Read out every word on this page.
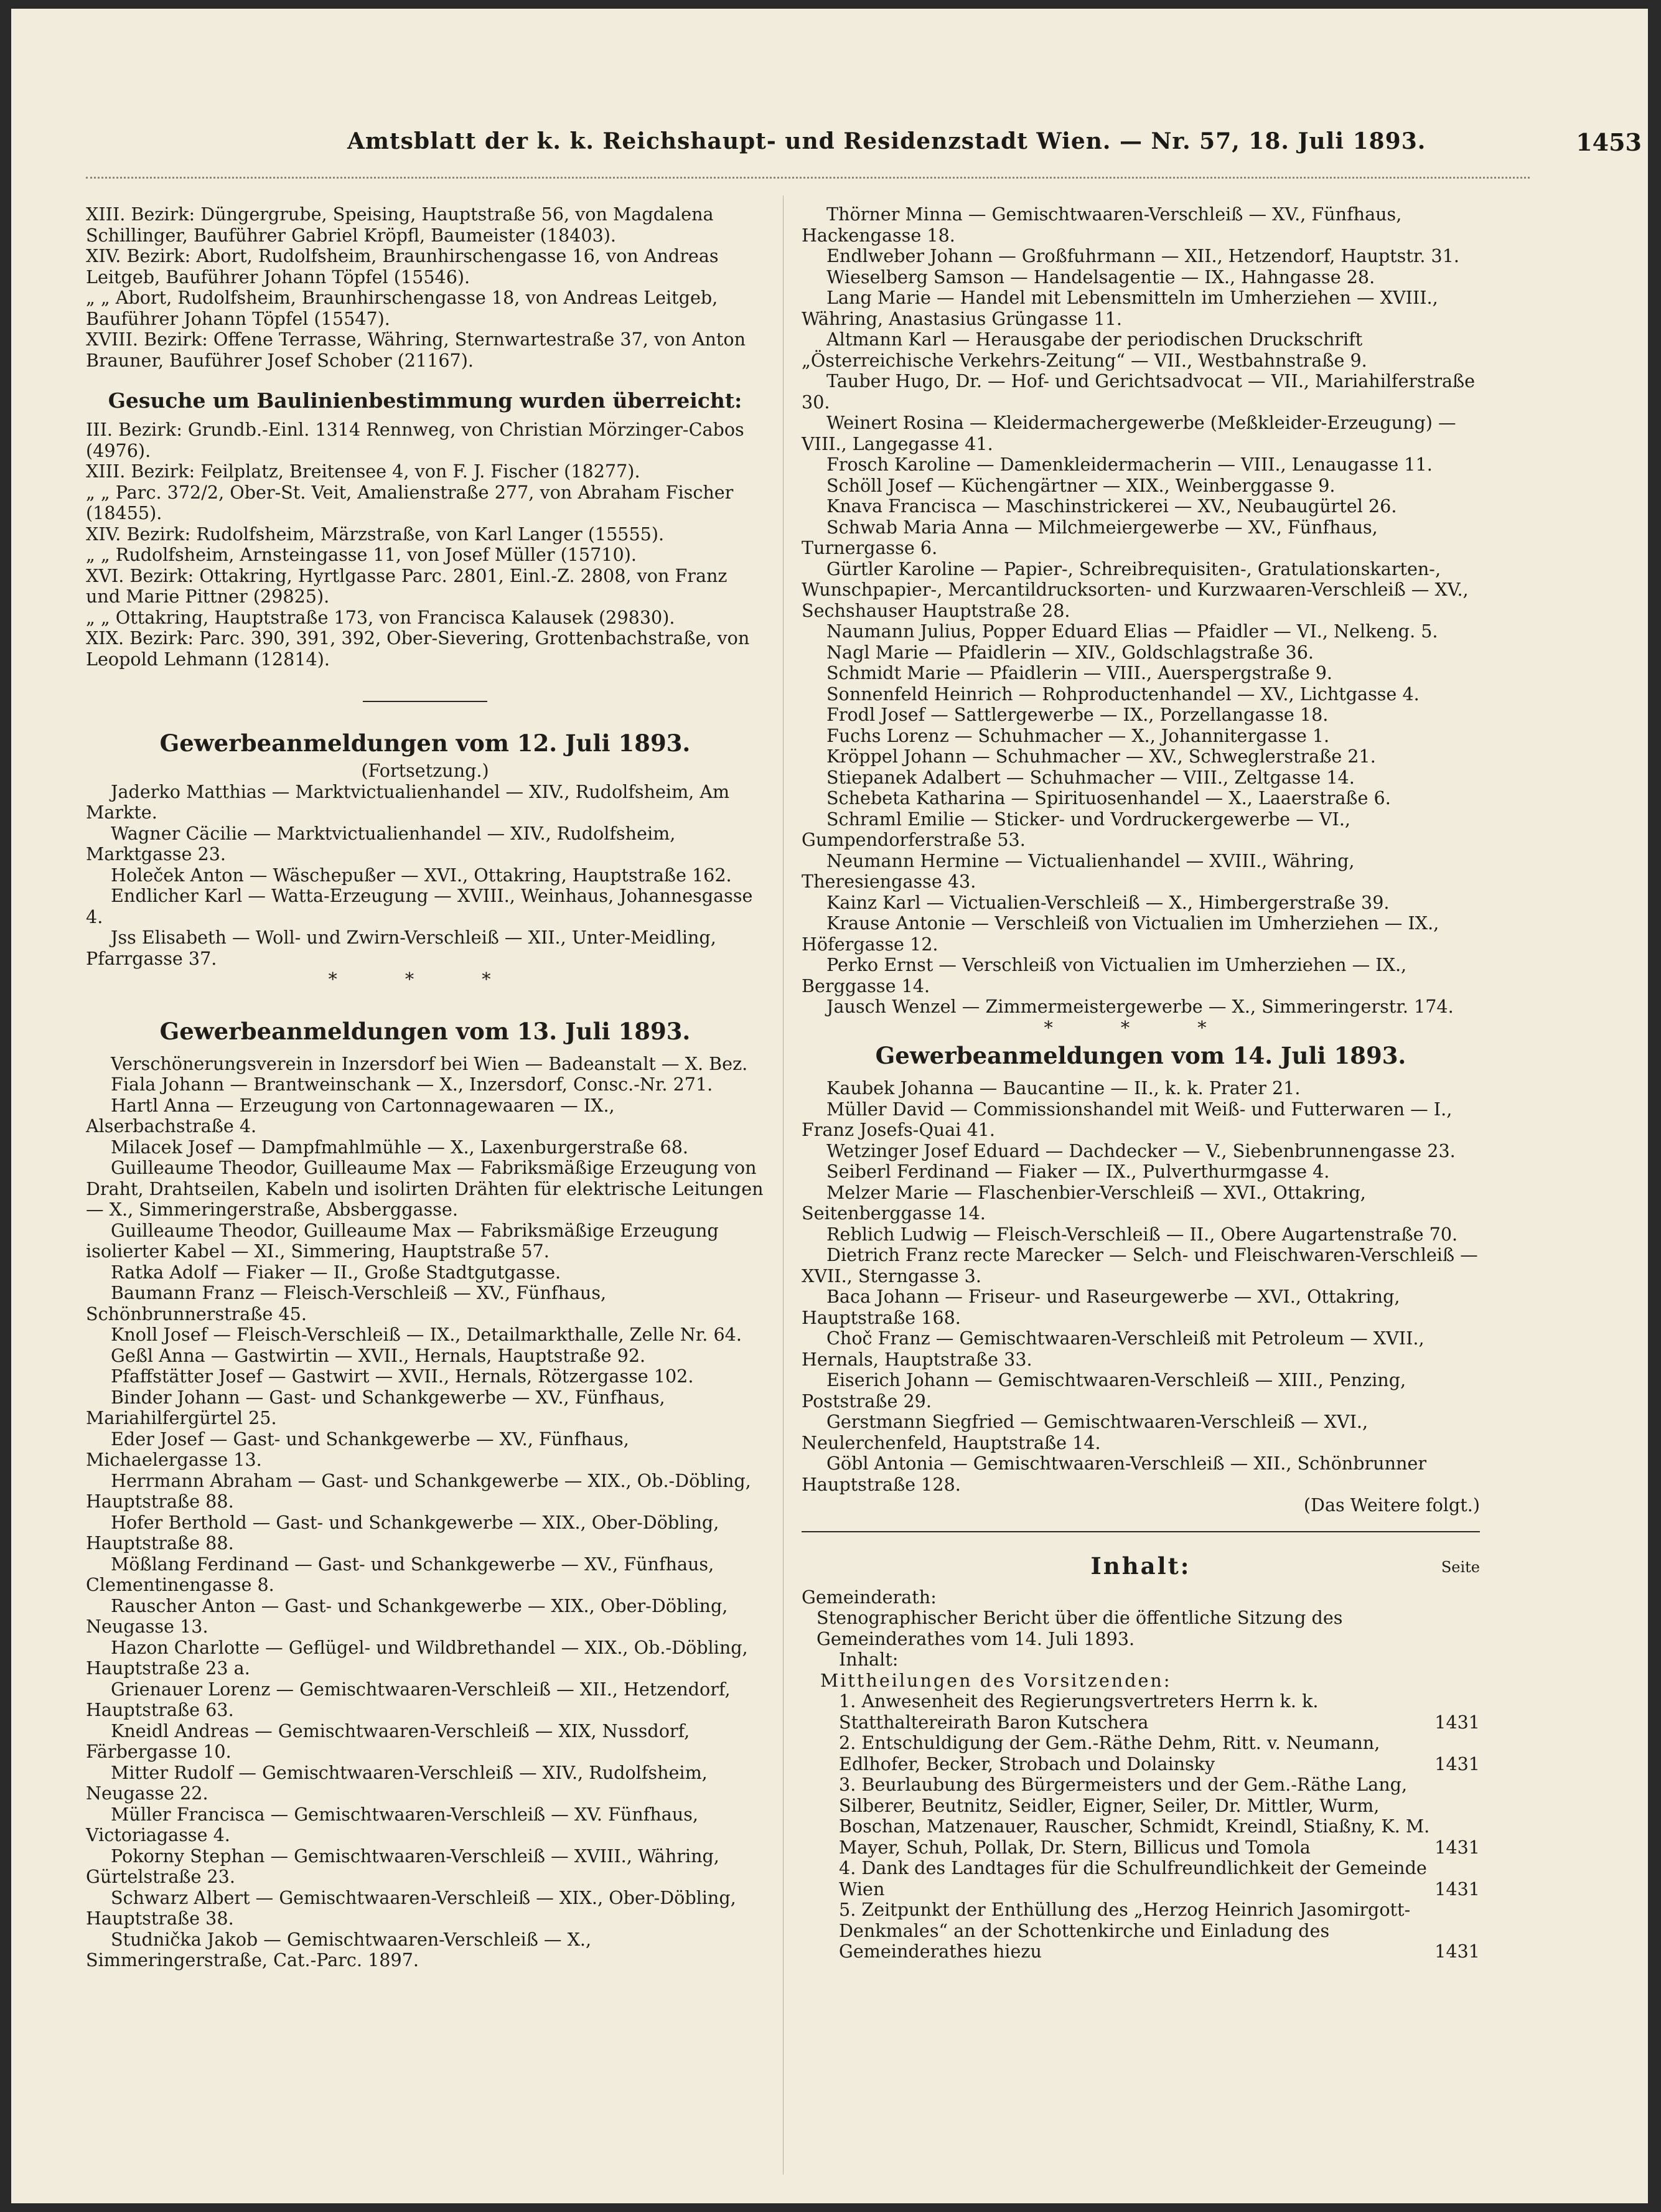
Amtsblatt der k. k. Reichshaupt- und Residenzstadt Wien. — Nr. 57, 18. Juli 1893.	1453

XIII. Bezirk: Düngergrube, Speising, Hauptstraße 56, von Magdalena Schillinger, Bauführer Gabriel Kröpfl, Baumeister (18403).

XIV. Bezirk: Abort, Rudolfsheim, Braunhirschengasse 16, von Andreas Leitgeb, Bauführer Johann Töpfel (15546).

„ „ Abort, Rudolfsheim, Braunhirschengasse 18, von Andreas Leitgeb, Bauführer Johann Töpfel (15547).

XVIII. Bezirk: Offene Terrasse, Währing, Sternwartestraße 37, von Anton Brauner, Bauführer Josef Schober (21167).

Gesuche um Baulinienbestimmung wurden überreicht:

III. Bezirk: Grundb.-Einl. 1314 Rennweg, von Christian Mörzinger-Cabos (4976).

XIII. Bezirk: Feilplatz, Breitensee 4, von F. J. Fischer (18277).

„ „ Parc. 372/2, Ober-St. Veit, Amalienstraße 277, von Abraham Fischer (18455).

XIV. Bezirk: Rudolfsheim, Märzstraße, von Karl Langer (15555).

„ „ Rudolfsheim, Arnsteingasse 11, von Josef Müller (15710).

XVI. Bezirk: Ottakring, Hyrtlgasse Parc. 2801, Einl.-Z. 2808, von Franz und Marie Pittner (29825).

„ „ Ottakring, Hauptstraße 173, von Francisca Kalausek (29830).

XIX. Bezirk: Parc. 390, 391, 392, Ober-Sievering, Grottenbachstraße, von Leopold Lehmann (12814).

Gewerbeanmeldungen vom 12. Juli 1893.

(Fortsetzung.)

Jaderko Matthias — Marktvictualienhandel — XIV., Rudolfsheim, Am Markte.

Wagner Cäcilie — Marktvictualienhandel — XIV., Rudolfsheim, Marktgasse 23.

Holeček Anton — Wäschepußer — XVI., Ottakring, Hauptstraße 162.

Endlicher Karl — Watta-Erzeugung — XVIII., Weinhaus, Johannesgasse 4.

Jss Elisabeth — Woll- und Zwirn-Verschleiß — XII., Unter-Meidling, Pfarrgasse 37.

* * *

Gewerbeanmeldungen vom 13. Juli 1893.

Verschönerungsverein in Inzersdorf bei Wien — Badeanstalt — X. Bez.

Fiala Johann — Brantweinschank — X., Inzersdorf, Consc.-Nr. 271.

Hartl Anna — Erzeugung von Cartonnagewaaren — IX., Alserbachstraße 4.

Milacek Josef — Dampfmahlmühle — X., Laxenburgerstraße 68.

Guilleaume Theodor, Guilleaume Max — Fabriksmäßige Erzeugung von Draht, Drahtseilen, Kabeln und isolirten Drähten für elektrische Leitungen — X., Simmeringerstraße, Absberggasse.

Guilleaume Theodor, Guilleaume Max — Fabriksmäßige Erzeugung isolierter Kabel — XI., Simmering, Hauptstraße 57.

Ratka Adolf — Fiaker — II., Große Stadtgutgasse.

Baumann Franz — Fleisch-Verschleiß — XV., Fünfhaus, Schönbrunnerstraße 45.

Knoll Josef — Fleisch-Verschleiß — IX., Detailmarkthalle, Zelle Nr. 64.

Geßl Anna — Gastwirtin — XVII., Hernals, Hauptstraße 92.

Pfaffstätter Josef — Gastwirt — XVII., Hernals, Rötzergasse 102.

Binder Johann — Gast- und Schankgewerbe — XV., Fünfhaus, Mariahilfergürtel 25.

Eder Josef — Gast- und Schankgewerbe — XV., Fünfhaus, Michaelergasse 13.

Herrmann Abraham — Gast- und Schankgewerbe — XIX., Ob.-Döbling, Hauptstraße 88.

Hofer Berthold — Gast- und Schankgewerbe — XIX., Ober-Döbling, Hauptstraße 88.

Mößlang Ferdinand — Gast- und Schankgewerbe — XV., Fünfhaus, Clementinengasse 8.

Rauscher Anton — Gast- und Schankgewerbe — XIX., Ober-Döbling, Neugasse 13.

Hazon Charlotte — Geflügel- und Wildbrethandel — XIX., Ob.-Döbling, Hauptstraße 23 a.

Grienauer Lorenz — Gemischtwaaren-Verschleiß — XII., Hetzendorf, Hauptstraße 63.

Kneidl Andreas — Gemischtwaaren-Verschleiß — XIX, Nussdorf, Färbergasse 10.

Mitter Rudolf — Gemischtwaaren-Verschleiß — XIV., Rudolfsheim, Neugasse 22.

Müller Francisca — Gemischtwaaren-Verschleiß — XV. Fünfhaus, Victoriagasse 4.

Pokorny Stephan — Gemischtwaaren-Verschleiß — XVIII., Währing, Gürtelstraße 23.

Schwarz Albert — Gemischtwaaren-Verschleiß — XIX., Ober-Döbling, Hauptstraße 38.

Studnička Jakob — Gemischtwaaren-Verschleiß — X., Simmeringerstraße, Cat.-Parc. 1897.

Thörner Minna — Gemischtwaaren-Verschleiß — XV., Fünfhaus, Hackengasse 18.

Endlweber Johann — Großfuhrmann — XII., Hetzendorf, Hauptstr. 31.

Wieselberg Samson — Handelsagentie — IX., Hahngasse 28.

Lang Marie — Handel mit Lebensmitteln im Umherziehen — XVIII., Währing, Anastasius Grüngasse 11.

Altmann Karl — Herausgabe der periodischen Druckschrift „Österreichische Verkehrs-Zeitung“ — VII., Westbahnstraße 9.

Tauber Hugo, Dr. — Hof- und Gerichtsadvocat — VII., Mariahilferstraße 30.

Weinert Rosina — Kleidermachergewerbe (Meßkleider-Erzeugung) — VIII., Langegasse 41.

Frosch Karoline — Damenkleidermacherin — VIII., Lenaugasse 11.

Schöll Josef — Küchengärtner — XIX., Weinberggasse 9.

Knava Francisca — Maschinstrickerei — XV., Neubaugürtel 26.

Schwab Maria Anna — Milchmeiergewerbe — XV., Fünfhaus, Turnergasse 6.

Gürtler Karoline — Papier-, Schreibrequisiten-, Gratulationskarten-, Wunschpapier-, Mercantildrucksorten- und Kurzwaaren-Verschleiß — XV., Sechshauser Hauptstraße 28.

Naumann Julius, Popper Eduard Elias — Pfaidler — VI., Nelkeng. 5.

Nagl Marie — Pfaidlerin — XIV., Goldschlagstraße 36.

Schmidt Marie — Pfaidlerin — VIII., Auerspergstraße 9.

Sonnenfeld Heinrich — Rohproductenhandel — XV., Lichtgasse 4.

Frodl Josef — Sattlergewerbe — IX., Porzellangasse 18.

Fuchs Lorenz — Schuhmacher — X., Johannitergasse 1.

Kröppel Johann — Schuhmacher — XV., Schweglerstraße 21.

Stiepanek Adalbert — Schuhmacher — VIII., Zeltgasse 14.

Schebeta Katharina — Spirituosenhandel — X., Laaerstraße 6.

Schraml Emilie — Sticker- und Vordruckergewerbe — VI., Gumpendorferstraße 53.

Neumann Hermine — Victualienhandel — XVIII., Währing, Theresiengasse 43.

Kainz Karl — Victualien-Verschleiß — X., Himbergerstraße 39.

Krause Antonie — Verschleiß von Victualien im Umherziehen — IX., Höfergasse 12.

Perko Ernst — Verschleiß von Victualien im Umherziehen — IX., Berggasse 14.

Jausch Wenzel — Zimmermeistergewerbe — X., Simmeringerstr. 174.

* * *

Gewerbeanmeldungen vom 14. Juli 1893.

Kaubek Johanna — Baucantine — II., k. k. Prater 21.

Müller David — Commissionshandel mit Weiß- und Futterwaren — I., Franz Josefs-Quai 41.

Wetzinger Josef Eduard — Dachdecker — V., Siebenbrunnengasse 23.

Seiberl Ferdinand — Fiaker — IX., Pulverthurmgasse 4.

Melzer Marie — Flaschenbier-Verschleiß — XVI., Ottakring, Seitenberggasse 14.

Reblich Ludwig — Fleisch-Verschleiß — II., Obere Augartenstraße 70.

Dietrich Franz recte Marecker — Selch- und Fleischwaren-Verschleiß — XVII., Sterngasse 3.

Baca Johann — Friseur- und Raseurgewerbe — XVI., Ottakring, Hauptstraße 168.

Choč Franz — Gemischtwaaren-Verschleiß mit Petroleum — XVII., Hernals, Hauptstraße 33.

Eiserich Johann — Gemischtwaaren-Verschleiß — XIII., Penzing, Poststraße 29.

Gerstmann Siegfried — Gemischtwaaren-Verschleiß — XVI., Neulerchenfeld, Hauptstraße 14.

Göbl Antonia — Gemischtwaaren-Verschleiß — XII., Schönbrunner Hauptstraße 128.

(Das Weitere folgt.)

Inhalt:	Seite

Gemeinderath:

Stenographischer Bericht über die öffentliche Sitzung des Gemeinderathes vom 14. Juli 1893.

Inhalt:

Mittheilungen des Vorsitzenden:

1. Anwesenheit des Regierungsvertreters Herrn k. k. Statthaltereirath Baron Kutschera	1431
2. Entschuldigung der Gem.-Räthe Dehm, Ritt. v. Neumann, Edlhofer, Becker, Strobach und Dolainsky	1431
3. Beurlaubung des Bürgermeisters und der Gem.-Räthe Lang, Silberer, Beutnitz, Seidler, Eigner, Seiler, Dr. Mittler, Wurm, Boschan, Matzenauer, Rauscher, Schmidt, Kreindl, Stiaßny, K. M. Mayer, Schuh, Pollak, Dr. Stern, Billicus und Tomola	1431
4. Dank des Landtages für die Schulfreundlichkeit der Gemeinde Wien	1431
5. Zeitpunkt der Enthüllung des „Herzog Heinrich Jasomirgott-Denkmales“ an der Schottenkirche und Einladung des Gemeinderathes hiezu	1431
